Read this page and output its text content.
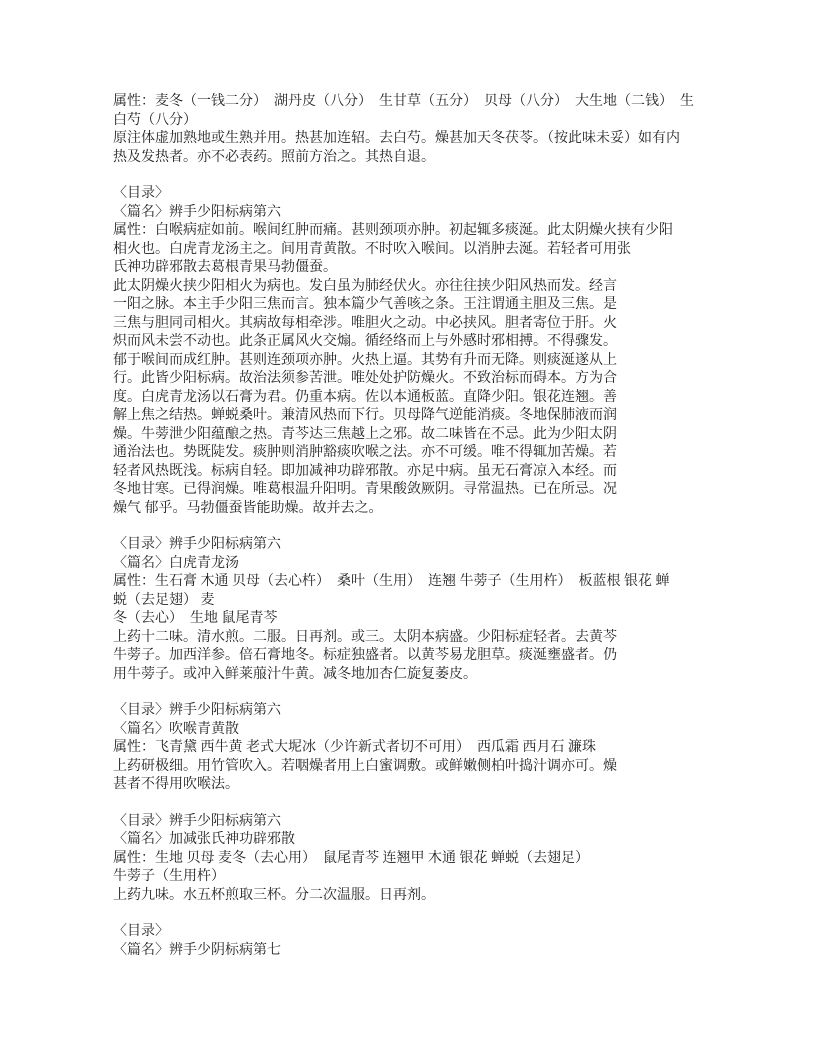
属性：麦冬（一钱二分）　湖丹皮（八分）　生甘草（五分）　贝母（八分）　大生地（二钱）　生
白芍（八分）
原注体虚加熟地或生熟并用。热甚加连轺。去白芍。燥甚加天冬茯苓。（按此味未妥）如有内
热及发热者。亦不必表药。照前方治之。其热自退。
〈目录〉
〈篇名〉辨手少阳标病第六
属性：白喉病症如前。喉间红肿而痛。甚则颈项亦肿。初起辄多痰涎。此太阴燥火挟有少阳
相火也。白虎青龙汤主之。间用青黄散。不时吹入喉间。以消肿去涎。若轻者可用张
氏神功辟邪散去葛根青果马勃僵蚕。
此太阴燥火挟少阳相火为病也。发白虽为肺经伏火。亦往往挟少阳风热而发。经言
一阳之脉。本主手少阳三焦而言。独本篇少气善咳之条。王注谓通主胆及三焦。是
三焦与胆同司相火。其病故每相牵涉。唯胆火之动。中必挟风。胆者寄位于肝。火
炽而风未尝不动也。此条正属风火交煽。循经络而上与外感时邪相搏。不得骤发。
郁于喉间而成红肿。甚则连颈项亦肿。火热上逼。其势有升而无降。则痰涎遂从上
行。此皆少阳标病。故治法须参苦泄。唯处处护防燥火。不致治标而碍本。方为合
度。白虎青龙汤以石膏为君。仍重本病。佐以本通板蓝。直降少阳。银花连翘。善
解上焦之结热。蝉蜕桑叶。兼清风热而下行。贝母降气逆能消痰。冬地保肺液而润
燥。牛蒡泄少阳蕴酿之热。青芩达三焦越上之邪。故二味皆在不忌。此为少阳太阴
通治法也。势既陡发。痰肿则消肿豁痰吹喉之法。亦不可缓。唯不得辄加苦燥。若
轻者风热既浅。标病自轻。即加减神功辟邪散。亦足中病。虽无石膏凉入本经。而
冬地甘寒。已得润燥。唯葛根温升阳明。青果酸敛厥阴。寻常温热。已在所忌。况
燥气 郁乎。马勃僵蚕皆能助燥。故并去之。
〈目录〉辨手少阳标病第六
〈篇名〉白虎青龙汤
属性：生石膏 木通 贝母（去心杵）　桑叶（生用）　连翘 牛蒡子（生用杵）　板蓝根 银花 蝉
蜕（去足翅） 麦
冬（去心）　生地 鼠尾青芩
上药十二味。清水煎。二服。日再剂。或三。太阴本病盛。少阳标症轻者。去黄芩
牛蒡子。加西洋参。倍石膏地冬。标症独盛者。以黄芩易龙胆草。痰涎壅盛者。仍
用牛蒡子。或冲入鲜莱菔汁牛黄。减冬地加杏仁旋复萎皮。
〈目录〉辨手少阳标病第六
〈篇名〉吹喉青黄散
属性：飞青黛 西牛黄 老式大坭冰（少许新式者切不可用）　西瓜霜 西月石 濂珠
上药研极细。用竹管吹入。若咽燥者用上白蜜调敷。或鲜嫩侧柏叶捣汁调亦可。燥
甚者不得用吹喉法。
〈目录〉辨手少阳标病第六
〈篇名〉加减张氏神功辟邪散
属性：生地 贝母 麦冬（去心用）　鼠尾青芩 连翘甲 木通 银花 蝉蜕（去翅足）
牛蒡子（生用杵）
上药九味。水五杯煎取三杯。分二次温服。日再剂。
〈目录〉
〈篇名〉辨手少阴标病第七
